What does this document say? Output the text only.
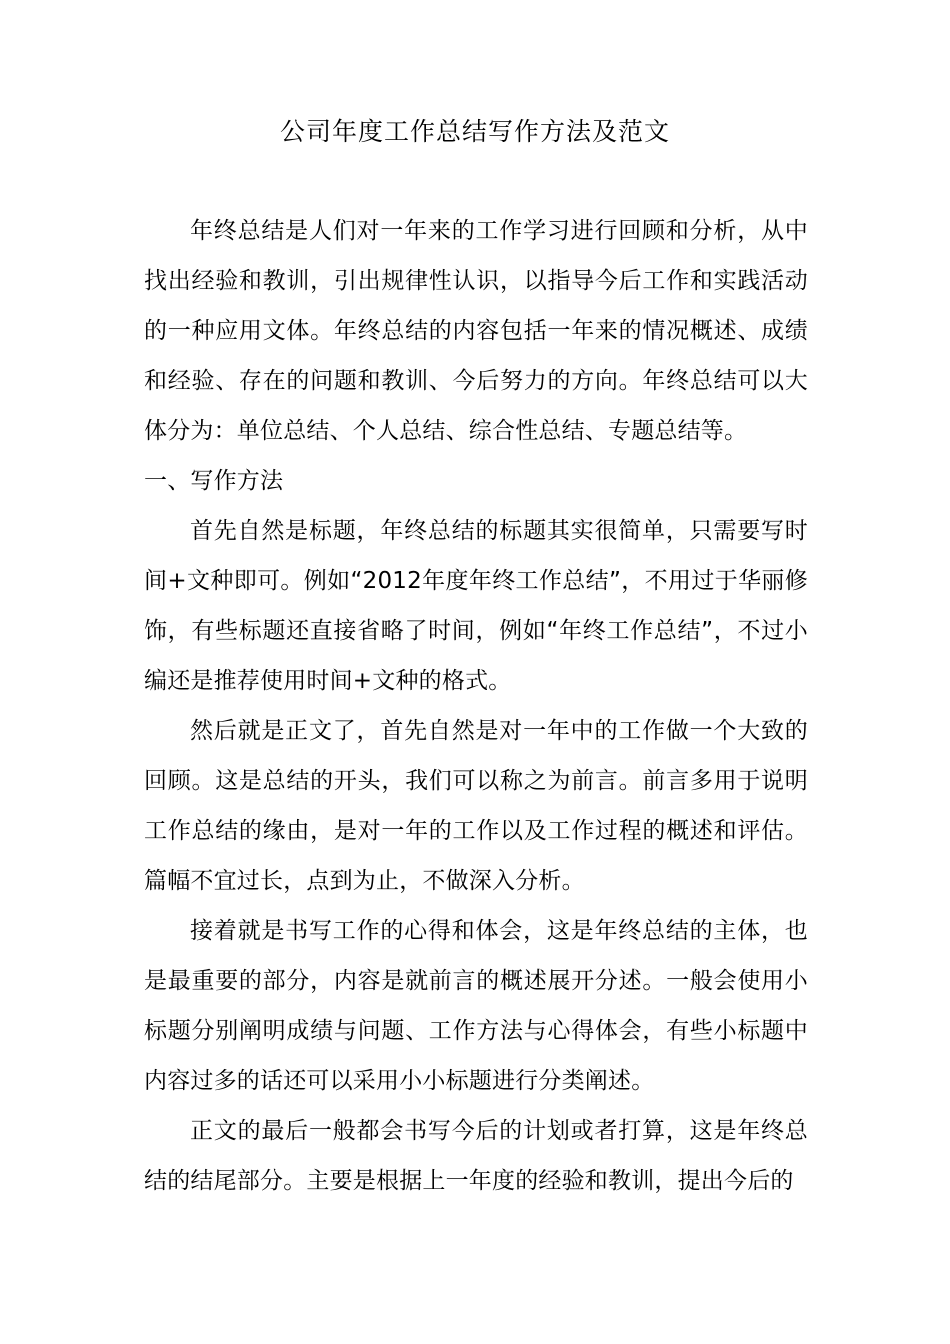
公司年度工作总结写作方法及范文

年终总结是人们对一年来的工作学习进行回顾和分析，从中找出经验和教训，引出规律性认识，以指导今后工作和实践活动的一种应用文体。年终总结的内容包括一年来的情况概述、成绩和经验、存在的问题和教训、今后努力的方向。年终总结可以大体分为：单位总结、个人总结、综合性总结、专题总结等。

一、写作方法

首先自然是标题，年终总结的标题其实很简单，只需要写时间+文种即可。例如“2012年度年终工作总结”，不用过于华丽修饰，有些标题还直接省略了时间，例如“年终工作总结”，不过小编还是推荐使用时间+文种的格式。

然后就是正文了，首先自然是对一年中的工作做一个大致的回顾。这是总结的开头，我们可以称之为前言。前言多用于说明工作总结的缘由，是对一年的工作以及工作过程的概述和评估。篇幅不宜过长，点到为止，不做深入分析。

接着就是书写工作的心得和体会，这是年终总结的主体，也是最重要的部分，内容是就前言的概述展开分述。一般会使用小标题分别阐明成绩与问题、工作方法与心得体会，有些小标题中内容过多的话还可以采用小小标题进行分类阐述。

正文的最后一般都会书写今后的计划或者打算，这是年终总结的结尾部分。主要是根据上一年度的经验和教训，提出今后的
